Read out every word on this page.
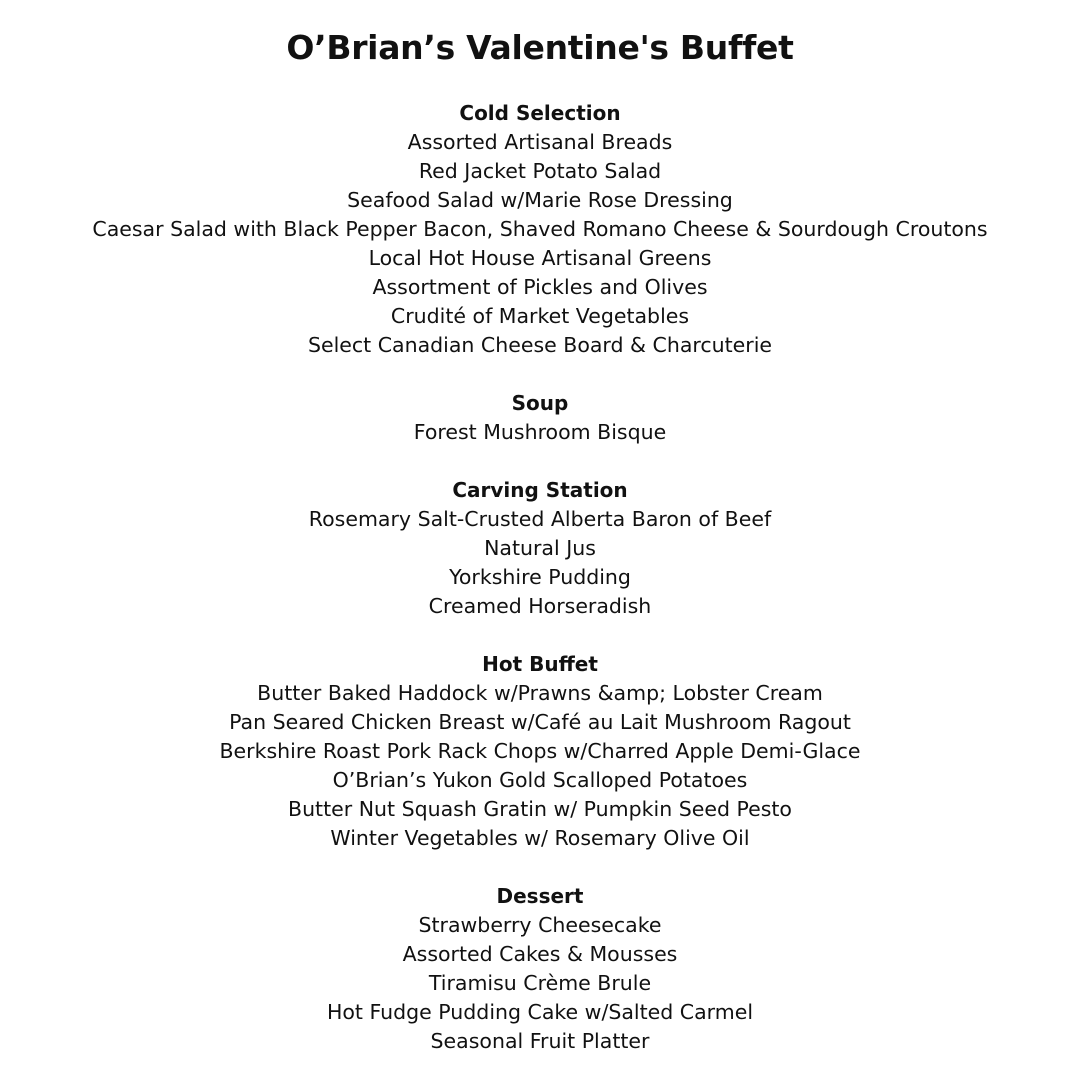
O’Brian’s Valentine's Buffet
Cold Selection
Assorted Artisanal Breads
Red Jacket Potato Salad
Seafood Salad w/Marie Rose Dressing
Caesar Salad with Black Pepper Bacon, Shaved Romano Cheese & Sourdough Croutons
Local Hot House Artisanal Greens
Assortment of Pickles and Olives
Crudité of Market Vegetables
Select Canadian Cheese Board & Charcuterie
Soup
Forest Mushroom Bisque
Carving Station
Rosemary Salt-Crusted Alberta Baron of Beef
Natural Jus
Yorkshire Pudding
Creamed Horseradish
Hot Buffet
Butter Baked Haddock w/Prawns &amp; Lobster Cream
Pan Seared Chicken Breast w/Café au Lait Mushroom Ragout
Berkshire Roast Pork Rack Chops w/Charred Apple Demi-Glace
O’Brian’s Yukon Gold Scalloped Potatoes
Butter Nut Squash Gratin w/ Pumpkin Seed Pesto
Winter Vegetables w/ Rosemary Olive Oil
Dessert
Strawberry Cheesecake
Assorted Cakes & Mousses
Tiramisu Crème Brule
Hot Fudge Pudding Cake w/Salted Carmel
Seasonal Fruit Platter
